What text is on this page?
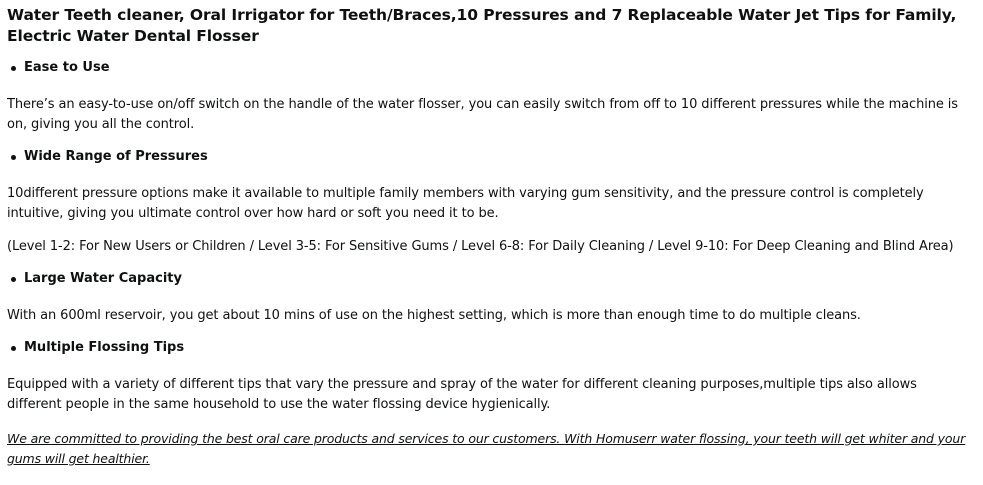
Water Teeth cleaner, Oral Irrigator for Teeth/Braces,10 Pressures and 7 Replaceable Water Jet Tips for Family, Electric Water Dental Flosser
Ease to Use

There’s an easy-to-use on/off switch on the handle of the water flosser, you can easily switch from off to 10 different pressures while the machine is on, giving you all the control.

Wide Range of Pressures

10different pressure options make it available to multiple family members with varying gum sensitivity, and the pressure control is completely intuitive, giving you ultimate control over how hard or soft you need it to be.

(Level 1-2: For New Users or Children / Level 3-5: For Sensitive Gums / Level 6-8: For Daily Cleaning / Level 9-10: For Deep Cleaning and Blind Area)

Large Water Capacity

With an 600ml reservoir, you get about 10 mins of use on the highest setting, which is more than enough time to do multiple cleans.

Multiple Flossing Tips

Equipped with a variety of different tips that vary the pressure and spray of the water for different cleaning purposes,multiple tips also allows different people in the same household to use the water flossing device hygienically.

We are committed to providing the best oral care products and services to our customers. With Homuserr water flossing, your teeth will get whiter and your gums will get healthier.
